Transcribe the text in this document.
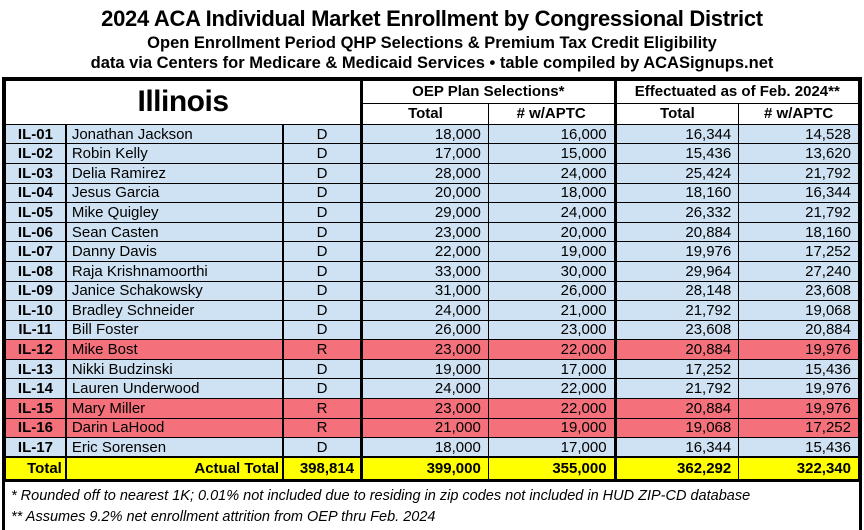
2024 ACA Individual Market Enrollment by Congressional District
Open Enrollment Period QHP Selections & Premium Tax Credit Eligibility
data via Centers for Medicare & Medicaid Services • table compiled by ACASignups.net
Illinois			OEP Plan Selections*		Effectuated as of Feb. 2024**	
			Total	# w/APTC	Total	# w/APTC
IL-01	Jonathan Jackson	D	18,000	16,000	16,344	14,528
IL-02	Robin Kelly	D	17,000	15,000	15,436	13,620
IL-03	Delia Ramirez	D	28,000	24,000	25,424	21,792
IL-04	Jesus Garcia	D	20,000	18,000	18,160	16,344
IL-05	Mike Quigley	D	29,000	24,000	26,332	21,792
IL-06	Sean Casten	D	23,000	20,000	20,884	18,160
IL-07	Danny Davis	D	22,000	19,000	19,976	17,252
IL-08	Raja Krishnamoorthi	D	33,000	30,000	29,964	27,240
IL-09	Janice Schakowsky	D	31,000	26,000	28,148	23,608
IL-10	Bradley Schneider	D	24,000	21,000	21,792	19,068
IL-11	Bill Foster	D	26,000	23,000	23,608	20,884
IL-12	Mike Bost	R	23,000	22,000	20,884	19,976
IL-13	Nikki Budzinski	D	19,000	17,000	17,252	15,436
IL-14	Lauren Underwood	D	24,000	22,000	21,792	19,976
IL-15	Mary Miller	R	23,000	22,000	20,884	19,976
IL-16	Darin LaHood	R	21,000	19,000	19,068	17,252
IL-17	Eric Sorensen	D	18,000	17,000	16,344	15,436
Total	Actual Total	398,814	399,000	355,000	362,292	322,340
* Rounded off to nearest 1K; 0.01% not included due to residing in zip codes not included in HUD ZIP-CD database
** Assumes 9.2% net enrollment attrition from OEP thru Feb. 2024
